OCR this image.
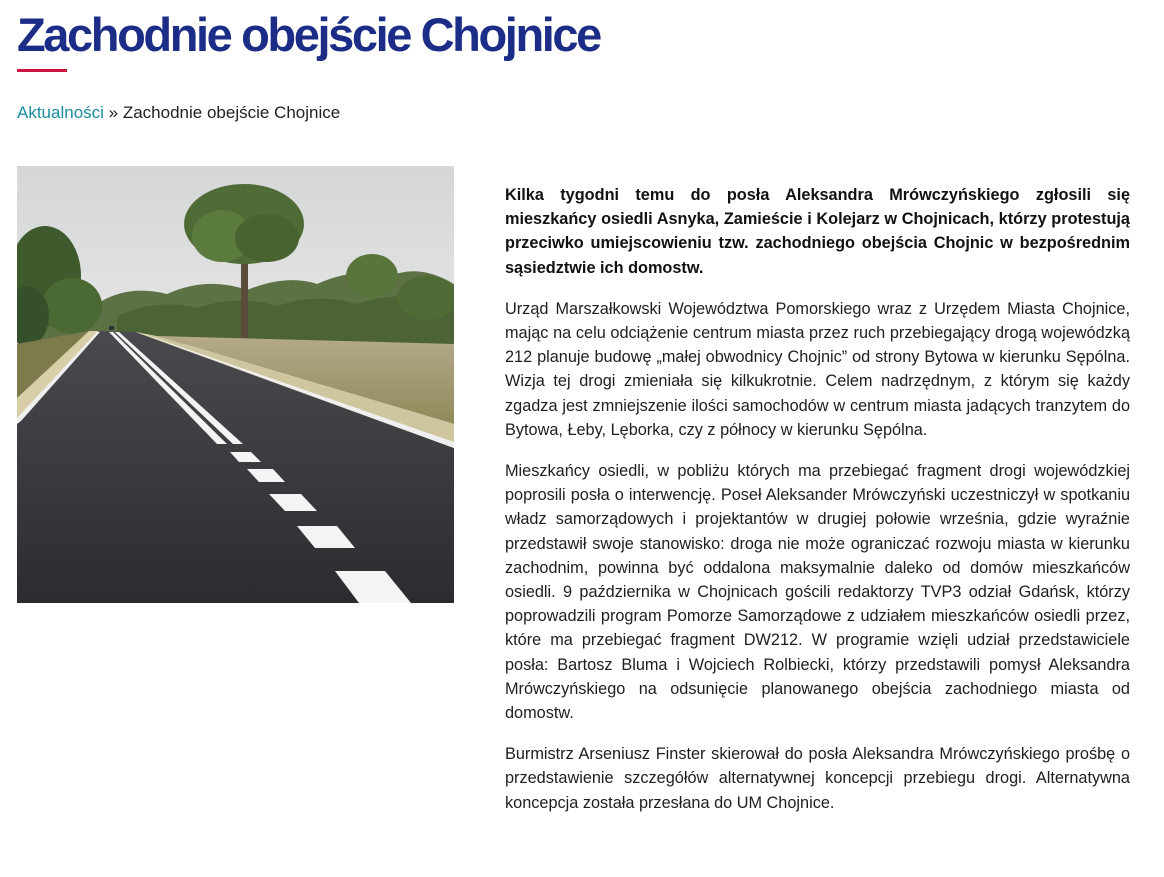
Zachodnie obejście Chojnice
Aktualności » Zachodnie obejście Chojnice

Kilka tygodni temu do posła Aleksandra Mrówczyńskiego zgłosili się mieszkańcy osiedli Asnyka, Zamieście i Kolejarz w Chojnicach, którzy protestują przeciwko umiejscowieniu tzw. zachodniego obejścia Chojnic w bezpośrednim sąsiedztwie ich domostw.

Urząd Marszałkowski Województwa Pomorskiego wraz z Urzędem Miasta Chojnice, mając na celu odciążenie centrum miasta przez ruch przebiegający drogą wojewódzką 212 planuje budowę „małej obwodnicy Chojnic” od strony Bytowa w kierunku Sępólna. Wizja tej drogi zmieniała się kilkukrotnie. Celem nadrzędnym, z którym się każdy zgadza jest zmniejszenie ilości samochodów w centrum miasta jadących tranzytem do Bytowa, Łeby, Lęborka, czy z północy w kierunku Sępólna.

Mieszkańcy osiedli, w pobliżu których ma przebiegać fragment drogi wojewódzkiej poprosili posła o interwencję. Poseł Aleksander Mrówczyński uczestniczył w spotkaniu władz samorządowych i projektantów w drugiej połowie września, gdzie wyraźnie przedstawił swoje stanowisko: droga nie może ograniczać rozwoju miasta w kierunku zachodnim, powinna być oddalona maksymalnie daleko od domów mieszkańców osiedli. 9 października w Chojnicach gościli redaktorzy TVP3 odział Gdańsk, którzy poprowadzili program Pomorze Samorządowe z udziałem mieszkańców osiedli przez, które ma przebiegać fragment DW212. W programie wzięli udział przedstawiciele posła: Bartosz Bluma i Wojciech Rolbiecki, którzy przedstawili pomysł Aleksandra Mrówczyńskiego na odsunięcie planowanego obejścia zachodniego miasta od domostw.

Burmistrz Arseniusz Finster skierował do posła Aleksandra Mrówczyńskiego prośbę o przedstawienie szczegółów alternatywnej koncepcji przebiegu drogi. Alternatywna koncepcja została przesłana do UM Chojnice.
